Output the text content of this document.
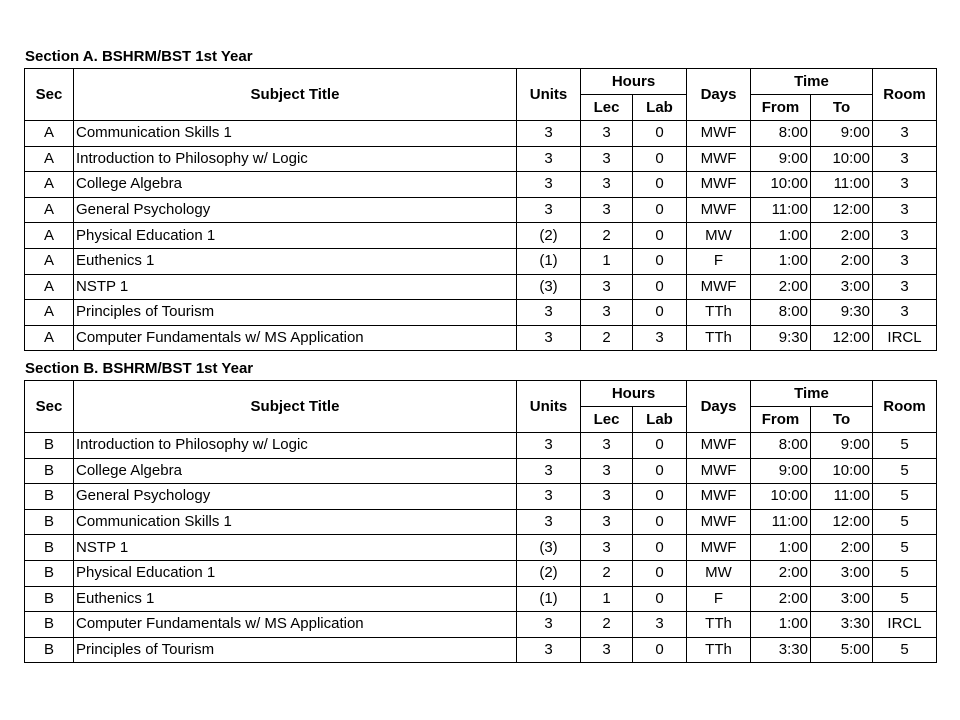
Section A. BSHRM/BST 1st Year
Sec	Subject Title	Units	Hours		Days	Time		Room
			Lec	Lab		From	To	
A	Communication Skills 1	3	3	0	MWF	8:00	9:00	3
A	Introduction to Philosophy w/ Logic	3	3	0	MWF	9:00	10:00	3
A	College Algebra	3	3	0	MWF	10:00	11:00	3
A	General Psychology	3	3	0	MWF	11:00	12:00	3
A	Physical Education 1	(2)	2	0	MW	1:00	2:00	3
A	Euthenics 1	(1)	1	0	F	1:00	2:00	3
A	NSTP 1	(3)	3	0	MWF	2:00	3:00	3
A	Principles of Tourism	3	3	0	TTh	8:00	9:30	3
A	Computer Fundamentals w/ MS Application	3	2	3	TTh	9:30	12:00	IRCL
Section B. BSHRM/BST 1st Year
Sec	Subject Title	Units	Hours		Days	Time		Room
			Lec	Lab		From	To	
B	Introduction to Philosophy w/ Logic	3	3	0	MWF	8:00	9:00	5
B	College Algebra	3	3	0	MWF	9:00	10:00	5
B	General Psychology	3	3	0	MWF	10:00	11:00	5
B	Communication Skills 1	3	3	0	MWF	11:00	12:00	5
B	NSTP 1	(3)	3	0	MWF	1:00	2:00	5
B	Physical Education 1	(2)	2	0	MW	2:00	3:00	5
B	Euthenics 1	(1)	1	0	F	2:00	3:00	5
B	Computer Fundamentals w/ MS Application	3	2	3	TTh	1:00	3:30	IRCL
B	Principles of Tourism	3	3	0	TTh	3:30	5:00	5
